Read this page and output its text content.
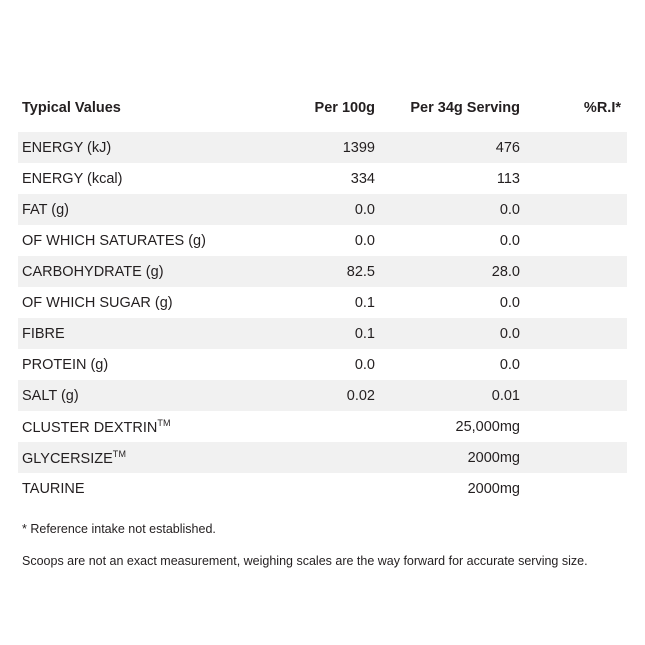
Typical Values	Per 100g	Per 34g Serving	%R.I*
ENERGY (kJ)	1399	476	
ENERGY (kcal)	334	113	
FAT (g)	0.0	0.0	
OF WHICH SATURATES (g)	0.0	0.0	
CARBOHYDRATE (g)	82.5	28.0	
OF WHICH SUGAR (g)	0.1	0.0	
FIBRE	0.1	0.0	
PROTEIN (g)	0.0	0.0	
SALT (g)	0.02	0.01	
CLUSTER DEXTRIN™		25,000mg	
GLYCERSIZE™		2000mg	
TAURINE		2000mg	
* Reference intake not established.
Scoops are not an exact measurement, weighing scales are the way forward for accurate serving size.
